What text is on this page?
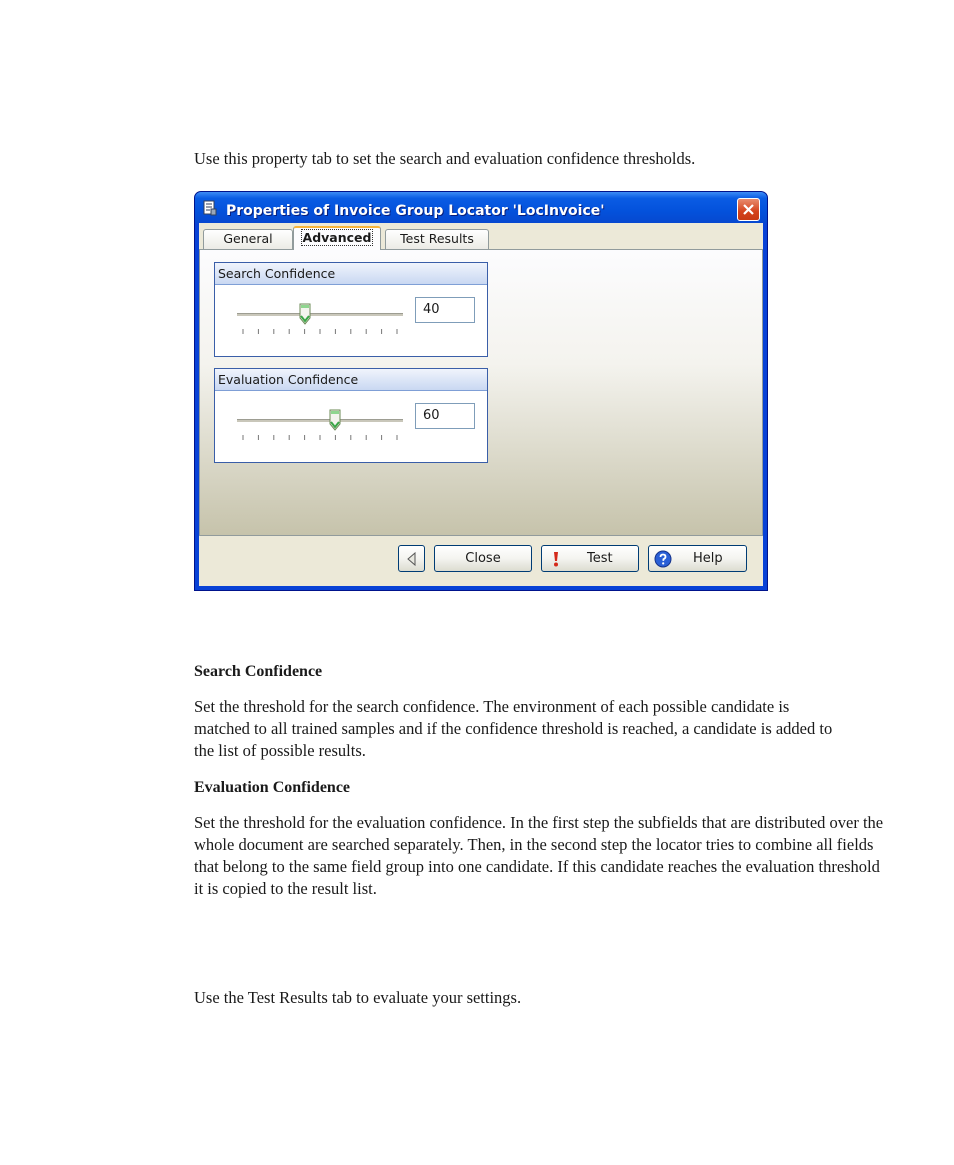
Use this property tab to set the search and evaluation confidence thresholds.

Properties of Invoice Group Locator 'LocInvoice'
General	Advanced	Test Results
Search Confidence
40
Evaluation Confidence
60
Close	Test	Help
Search Confidence

Set the threshold for the search confidence. The environment of each possible candidate is matched to all trained samples and if the confidence threshold is reached, a candidate is added to the list of possible results.

Evaluation Confidence

Set the threshold for the evaluation confidence. In the first step the subfields that are distributed over the whole document are searched separately. Then, in the second step the locator tries to combine all fields that belong to the same field group into one candidate. If this candidate reaches the evaluation threshold it is copied to the result list.

Use the Test Results tab to evaluate your settings.
